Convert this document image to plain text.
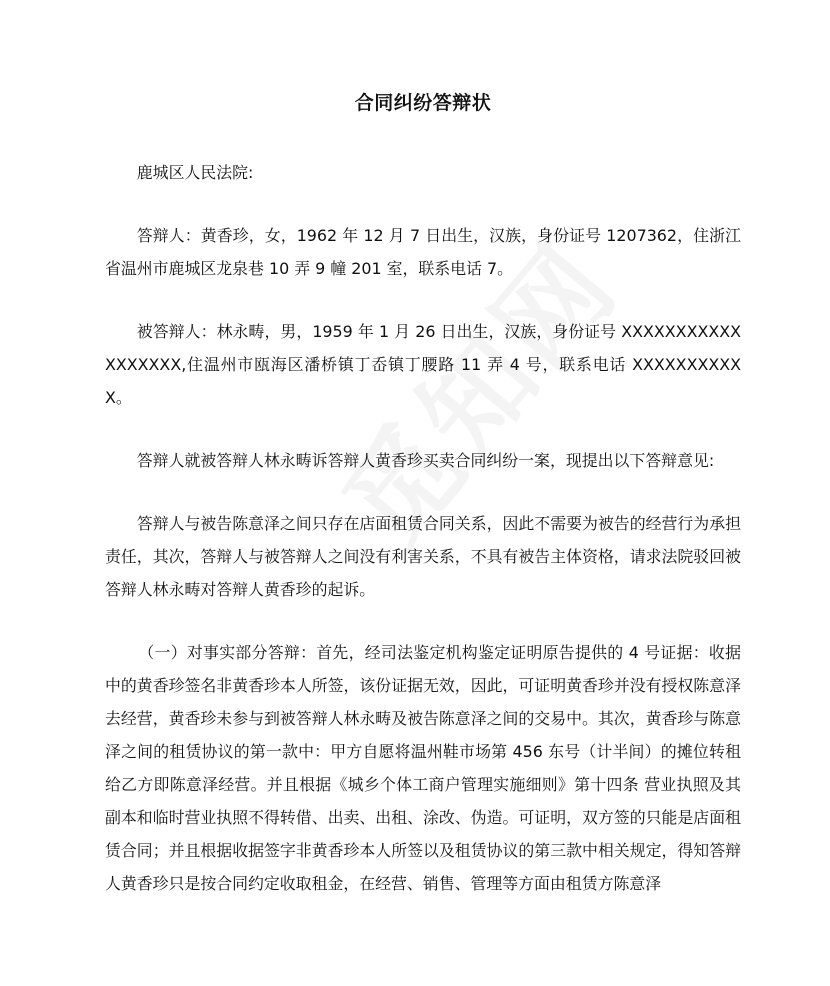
合同纠纷答辩状

鹿城区人民法院:

答辩人：黄香珍，女，1962 年 12 月 7 日出生，汉族，身份证号 1207362，住浙江省温州市鹿城区龙泉巷 10 弄 9 幢 201 室，联系电话 7。

被答辩人：林永畴，男，1959 年 1 月 26 日出生，汉族，身份证号 XXXXXXXXXXXXXXXXXX,住温州市瓯海区潘桥镇丁岙镇丁腰路 11 弄 4 号，联系电话 XXXXXXXXXXX。

答辩人就被答辩人林永畴诉答辩人黄香珍买卖合同纠纷一案，现提出以下答辩意见:

答辩人与被告陈意泽之间只存在店面租赁合同关系，因此不需要为被告的经营行为承担责任，其次，答辩人与被答辩人之间没有利害关系，不具有被告主体资格，请求法院驳回被答辩人林永畴对答辩人黄香珍的起诉。

（一）对事实部分答辩：首先，经司法鉴定机构鉴定证明原告提供的 4 号证据：收据中的黄香珍签名非黄香珍本人所签，该份证据无效，因此，可证明黄香珍并没有授权陈意泽去经营，黄香珍未参与到被答辩人林永畴及被告陈意泽之间的交易中。其次，黄香珍与陈意泽之间的租赁协议的第一款中：甲方自愿将温州鞋市场第 456 东号（计半间）的摊位转租给乙方即陈意泽经营。并且根据《城乡个体工商户管理实施细则》第十四条 营业执照及其副本和临时营业执照不得转借、出卖、出租、涂改、伪造。可证明，双方签的只能是店面租赁合同；并且根据收据签字非黄香珍本人所签以及租赁协议的第三款中相关规定，得知答辩人黄香珍只是按合同约定收取租金，在经营、销售、管理等方面由租赁方陈意泽
